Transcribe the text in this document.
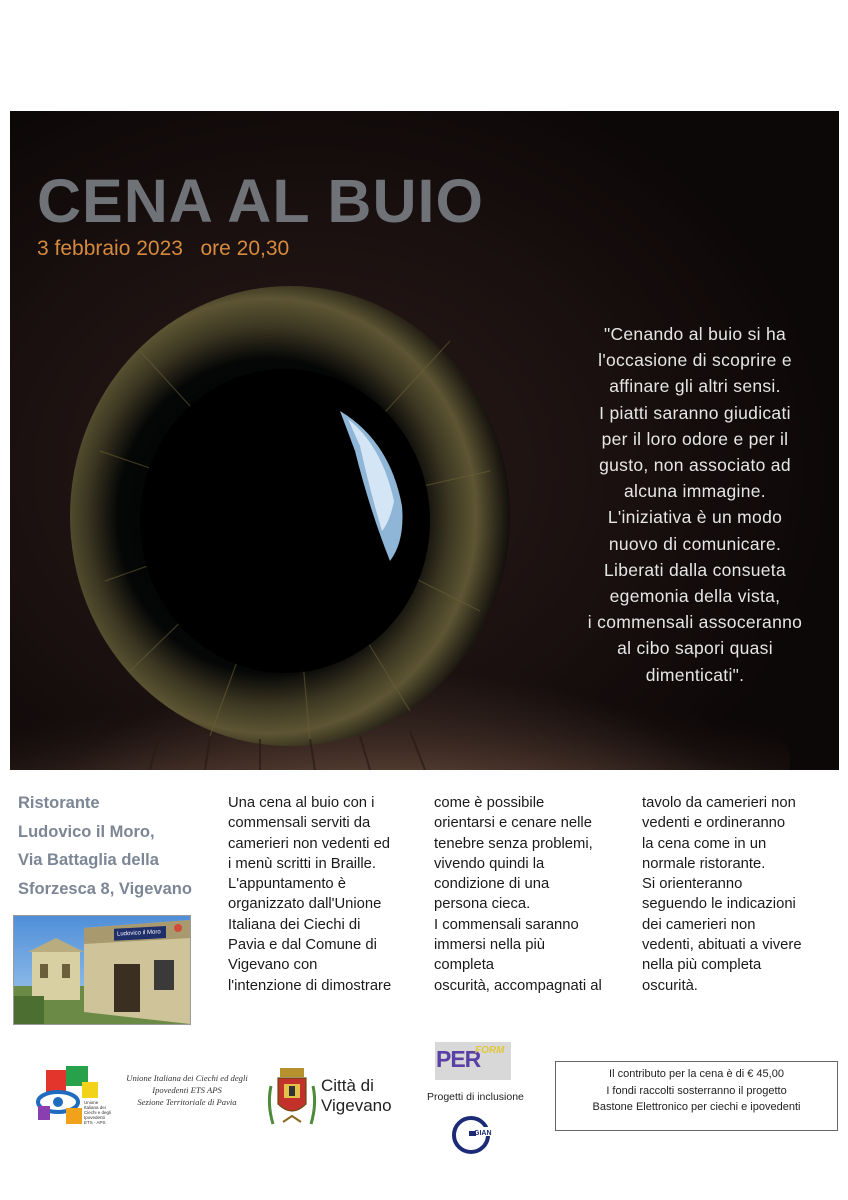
CENA AL BUIO
3 febbraio 2023   ore 20,30
"Cenando al buio si ha
l'occasione di scoprire e
affinare gli altri sensi.
I piatti saranno giudicati
per il loro odore e per il
gusto, non associato ad
alcuna immagine.
L'iniziativa è un modo
nuovo di comunicare.
Liberati dalla consueta
egemonia della vista,
i commensali assoceranno
al cibo sapori quasi
dimenticati".
Ristorante
Ludovico il Moro,
Via Battaglia della
Sforzesca 8, Vigevano
Ludovico il Moro
Una cena al buio con i
commensali serviti da
camerieri non vedenti ed
i menù scritti in Braille.
L'appuntamento è
organizzato dall'Unione
Italiana dei Ciechi di
Pavia e dal Comune di
Vigevano con
l'intenzione di dimostrare
come è possibile
orientarsi e cenare nelle
tenebre senza problemi,
vivendo quindi la
condizione di una
persona cieca.
I commensali saranno
immersi nella più
completa
oscurità, accompagnati al
tavolo da camerieri non
vedenti e ordineranno
la cena come in un
normale ristorante.
Si orienteranno
seguendo le indicazioni
dei camerieri non
vedenti, abituati a vivere
nella più completa
oscurità.
Unione
Italiana dei
Ciechi e degli
Ipovedenti
ETS - APS
Unione Italiana dei Ciechi ed degli
Ipovedenti ETS APS
Sezione Territoriale di Pavia
Città di
Vigevano
PER
FORM
Progetti di inclusione
GIAN
Il contributo per la cena è di € 45,00
I fondi raccolti sosterranno il progetto
Bastone Elettronico per ciechi e ipovedenti
